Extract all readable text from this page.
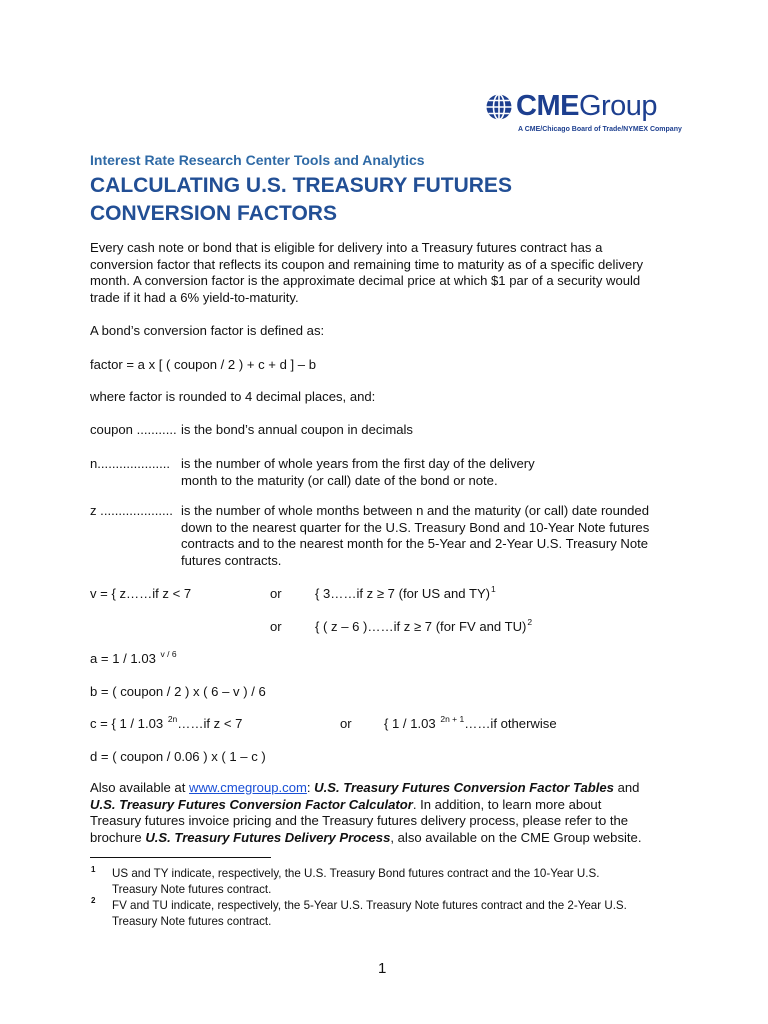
CMEGroup
A CME/Chicago Board of Trade/NYMEX Company
Interest Rate Research Center Tools and Analytics
CALCULATING U.S. TREASURY FUTURES
CONVERSION FACTORS
Every cash note or bond that is eligible for delivery into a Treasury futures contract has a
conversion factor that reflects its coupon and remaining time to maturity as of a specific delivery
month. A conversion factor is the approximate decimal price at which $1 par of a security would
trade if it had a 6% yield-to-maturity.
A bond’s conversion factor is defined as:
factor = a x [ ( coupon / 2 ) + c + d ] – b
where factor is rounded to 4 decimal places, and:
coupon ........... is the bond’s annual coupon in decimals
n.................... is the number of whole years from the first day of the delivery
month to the maturity (or call) date of the bond or note.
z .................... is the number of whole months between n and the maturity (or call) date rounded
down to the nearest quarter for the U.S. Treasury Bond and 10-Year Note futures
contracts and to the nearest month for the 5-Year and 2-Year U.S. Treasury Note
futures contracts.
v = { z……if z < 7	or	{ 3……if z ≥ 7 (for US and TY)$^1$
or	{ ( z – 6 )……if z ≥ 7 (for FV and TU)$^2$
a = 1 / 1.03 $^{v / 6}$
b = ( coupon / 2 ) x ( 6 – v ) / 6
c = { 1 / 1.03 $^{2n}$……if z < 7	or { 1 / 1.03 $^{2n + 1}$……if otherwise
d = ( coupon / 0.06 ) x ( 1 – c )
Also available at www.cmegroup.com: U.S. Treasury Futures Conversion Factor Tables and
U.S. Treasury Futures Conversion Factor Calculator. In addition, to learn more about
Treasury futures invoice pricing and the Treasury futures delivery process, please refer to the
brochure U.S. Treasury Futures Delivery Process, also available on the CME Group website.
1 US and TY indicate, respectively, the U.S. Treasury Bond futures contract and the 10-Year U.S.
Treasury Note futures contract.
2 FV and TU indicate, respectively, the 5-Year U.S. Treasury Note futures contract and the 2-Year U.S.
Treasury Note futures contract.
1
